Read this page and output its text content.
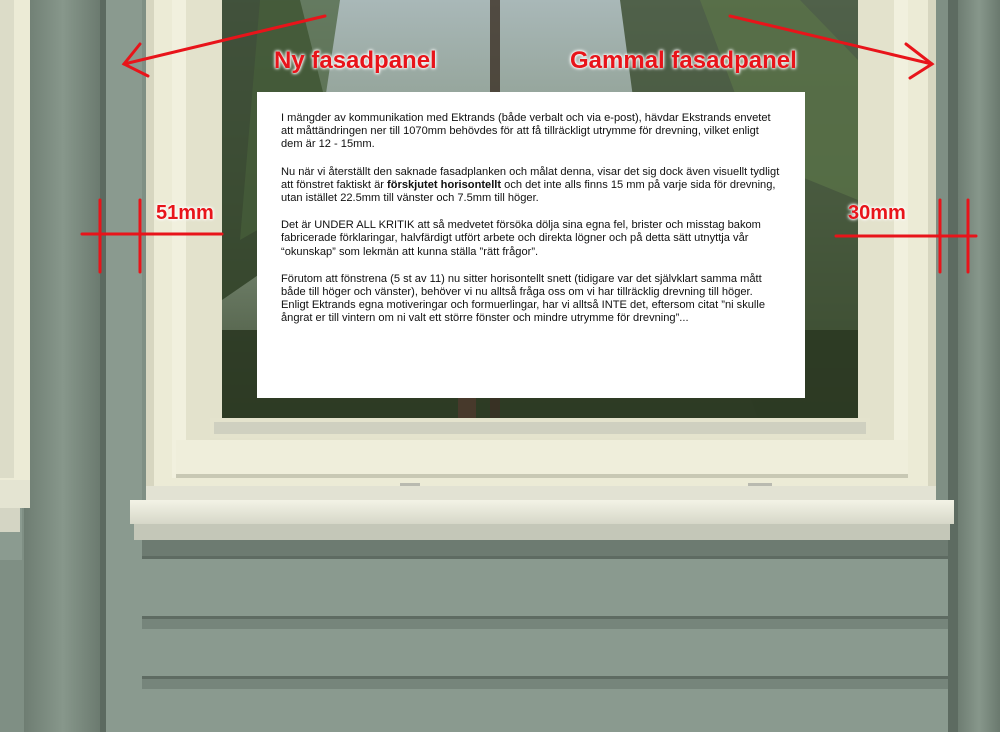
Ny fasadpanel	Gammal fasadpanel
51mm	30mm

I mängder av kommunikation med Ektrands (både verbalt och via e-post), hävdar Ekstrands envetet att måttändringen ner till 1070mm behövdes för att få tillräckligt utrymme för drevning, vilket enligt dem är 12 - 15mm.

Nu när vi återställt den saknade fasadplanken och målat denna, visar det sig dock även visuellt tydligt att fönstret faktiskt är förskjutet horisontellt och det inte alls finns 15 mm på varje sida för drevning, utan istället 22.5mm till vänster och 7.5mm till höger.

Det är UNDER ALL KRITIK att så medvetet försöka dölja sina egna fel, brister och misstag bakom fabricerade förklaringar, halvfärdigt utfört arbete och direkta lögner och på detta sätt utnyttja vår “okunskap” som lekmän att kunna ställa ”rätt frågor”.

Förutom att fönstrena (5 st av 11) nu sitter horisontellt snett (tidigare var det självklart samma mått både till höger och vänster), behöver vi nu alltså fråga oss om vi har tillräcklig drevning till höger. Enligt Ektrands egna motiveringar och formuerlingar, har vi alltså INTE det, eftersom citat ”ni skulle ångrat er till vintern om ni valt ett större fönster och mindre utrymme för drevning”...
